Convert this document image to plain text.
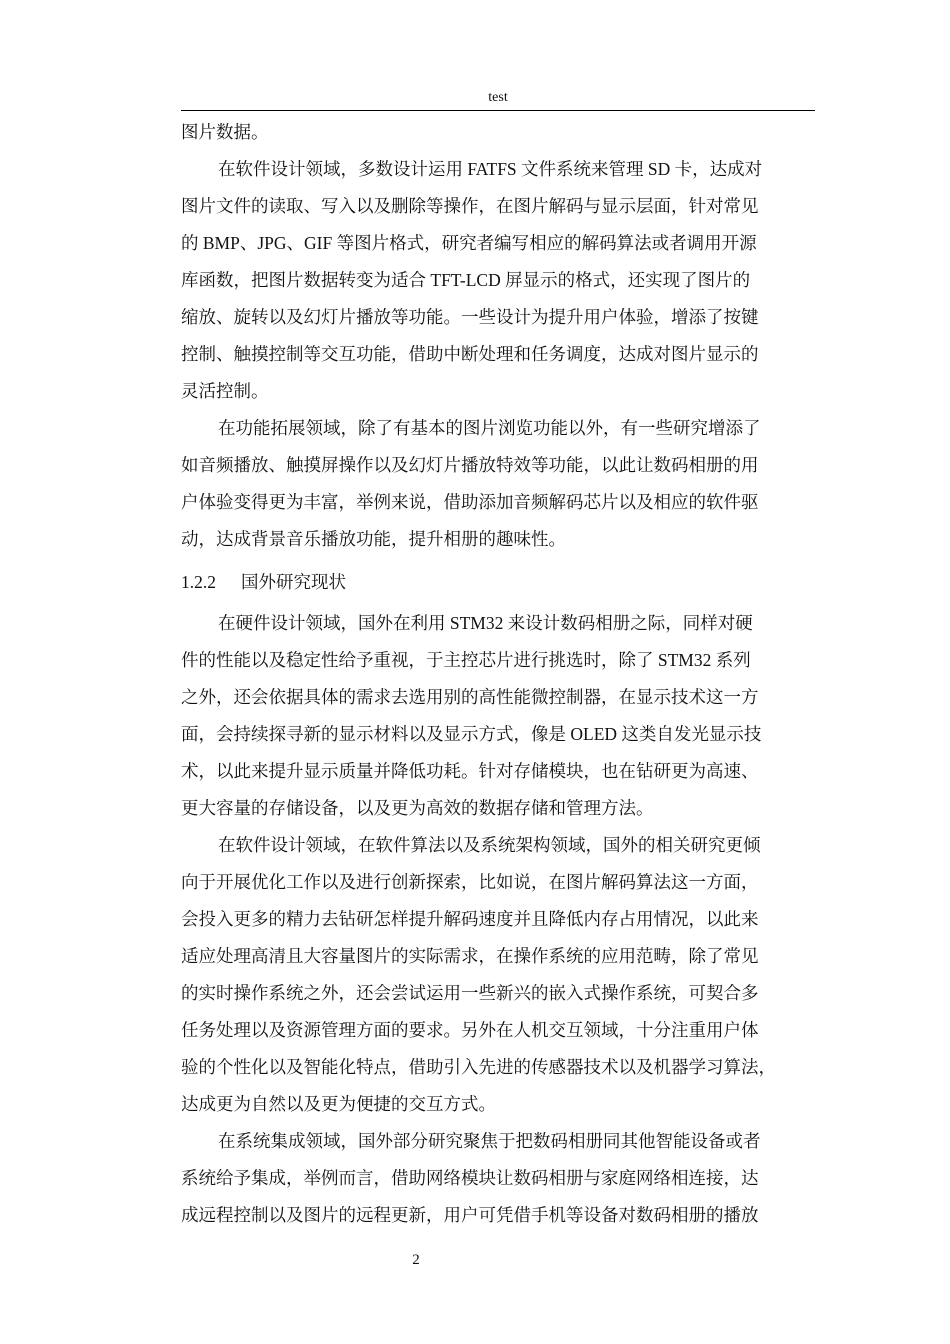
test

图片数据。

在软件设计领域，多数设计运用 FATFS 文件系统来管理 SD 卡，达成对
图片文件的读取、写入以及删除等操作，在图片解码与显示层面，针对常见
的 BMP、JPG、GIF 等图片格式，研究者编写相应的解码算法或者调用开源
库函数，把图片数据转变为适合 TFT-LCD 屏显示的格式，还实现了图片的
缩放、旋转以及幻灯片播放等功能。一些设计为提升用户体验，增添了按键
控制、触摸控制等交互功能，借助中断处理和任务调度，达成对图片显示的
灵活控制。

在功能拓展领域，除了有基本的图片浏览功能以外，有一些研究增添了
如音频播放、触摸屏操作以及幻灯片播放特效等功能，以此让数码相册的用
户体验变得更为丰富，举例来说，借助添加音频解码芯片以及相应的软件驱
动，达成背景音乐播放功能，提升相册的趣味性。

1.2.2 国外研究现状

在硬件设计领域，国外在利用 STM32 来设计数码相册之际，同样对硬
件的性能以及稳定性给予重视，于主控芯片进行挑选时，除了 STM32 系列
之外，还会依据具体的需求去选用别的高性能微控制器，在显示技术这一方
面，会持续探寻新的显示材料以及显示方式，像是 OLED 这类自发光显示技
术，以此来提升显示质量并降低功耗。针对存储模块，也在钻研更为高速、
更大容量的存储设备，以及更为高效的数据存储和管理方法。

在软件设计领域，在软件算法以及系统架构领域，国外的相关研究更倾
向于开展优化工作以及进行创新探索，比如说，在图片解码算法这一方面，
会投入更多的精力去钻研怎样提升解码速度并且降低内存占用情况，以此来
适应处理高清且大容量图片的实际需求，在操作系统的应用范畴，除了常见
的实时操作系统之外，还会尝试运用一些新兴的嵌入式操作系统，可契合多
任务处理以及资源管理方面的要求。另外在人机交互领域，十分注重用户体
验的个性化以及智能化特点，借助引入先进的传感器技术以及机器学习算法，
达成更为自然以及更为便捷的交互方式。

在系统集成领域，国外部分研究聚焦于把数码相册同其他智能设备或者
系统给予集成，举例而言，借助网络模块让数码相册与家庭网络相连接，达
成远程控制以及图片的远程更新，用户可凭借手机等设备对数码相册的播放

2
